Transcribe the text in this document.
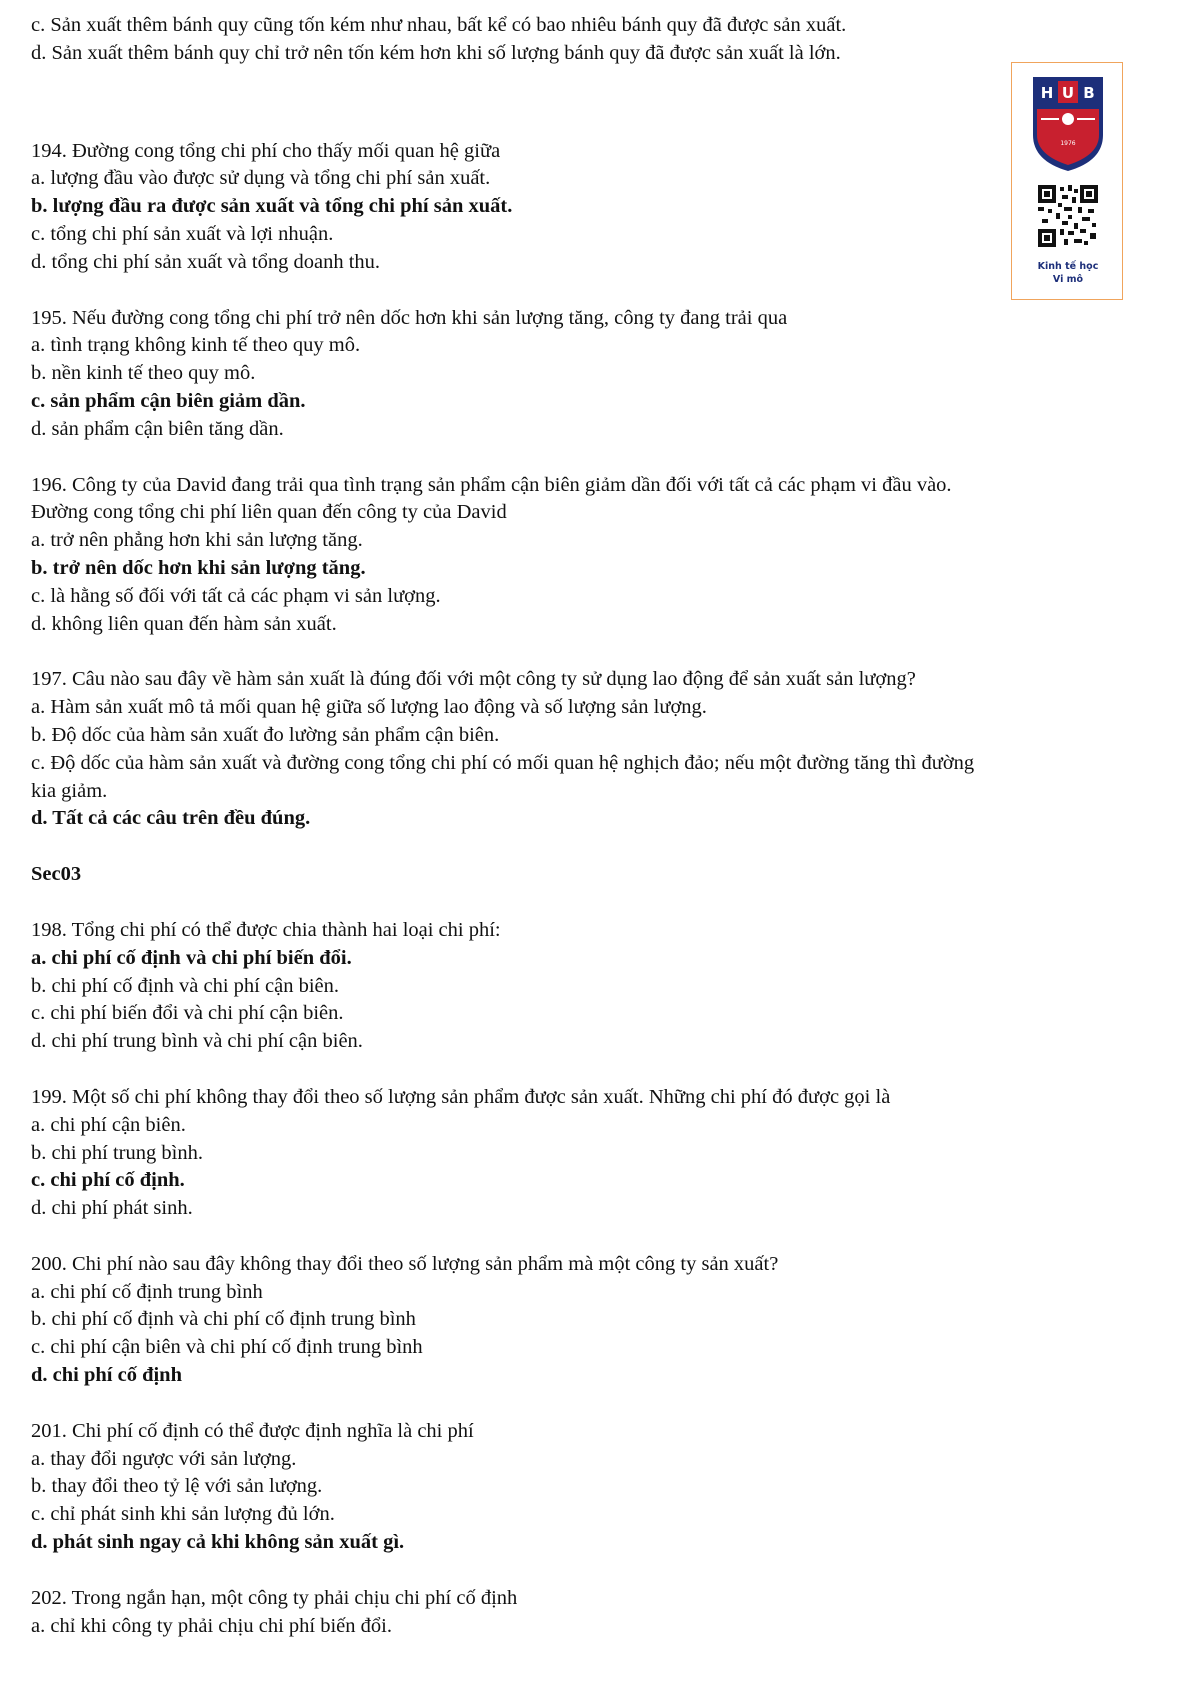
H U B
1976
Kinh tế học
Vi mô

c. Sản xuất thêm bánh quy cũng tốn kém như nhau, bất kể có bao nhiêu bánh quy đã được sản xuất.

d. Sản xuất thêm bánh quy chỉ trở nên tốn kém hơn khi số lượng bánh quy đã được sản xuất là lớn.

194. Đường cong tổng chi phí cho thấy mối quan hệ giữa

a. lượng đầu vào được sử dụng và tổng chi phí sản xuất.

b. lượng đầu ra được sản xuất và tổng chi phí sản xuất.

c. tổng chi phí sản xuất và lợi nhuận.

d. tổng chi phí sản xuất và tổng doanh thu.

195. Nếu đường cong tổng chi phí trở nên dốc hơn khi sản lượng tăng, công ty đang trải qua

a. tình trạng không kinh tế theo quy mô.

b. nền kinh tế theo quy mô.

c. sản phẩm cận biên giảm dần.

d. sản phẩm cận biên tăng dần.

196. Công ty của David đang trải qua tình trạng sản phẩm cận biên giảm dần đối với tất cả các phạm vi đầu vào.

Đường cong tổng chi phí liên quan đến công ty của David

a. trở nên phẳng hơn khi sản lượng tăng.

b. trở nên dốc hơn khi sản lượng tăng.

c. là hằng số đối với tất cả các phạm vi sản lượng.

d. không liên quan đến hàm sản xuất.

197. Câu nào sau đây về hàm sản xuất là đúng đối với một công ty sử dụng lao động để sản xuất sản lượng?

a. Hàm sản xuất mô tả mối quan hệ giữa số lượng lao động và số lượng sản lượng.

b. Độ dốc của hàm sản xuất đo lường sản phẩm cận biên.

c. Độ dốc của hàm sản xuất và đường cong tổng chi phí có mối quan hệ nghịch đảo; nếu một đường tăng thì đường

kia giảm.

d. Tất cả các câu trên đều đúng.

Sec03

198. Tổng chi phí có thể được chia thành hai loại chi phí:

a. chi phí cố định và chi phí biến đổi.

b. chi phí cố định và chi phí cận biên.

c. chi phí biến đổi và chi phí cận biên.

d. chi phí trung bình và chi phí cận biên.

199. Một số chi phí không thay đổi theo số lượng sản phẩm được sản xuất. Những chi phí đó được gọi là

a. chi phí cận biên.

b. chi phí trung bình.

c. chi phí cố định.

d. chi phí phát sinh.

200. Chi phí nào sau đây không thay đổi theo số lượng sản phẩm mà một công ty sản xuất?

a. chi phí cố định trung bình

b. chi phí cố định và chi phí cố định trung bình

c. chi phí cận biên và chi phí cố định trung bình

d. chi phí cố định

201. Chi phí cố định có thể được định nghĩa là chi phí

a. thay đổi ngược với sản lượng.

b. thay đổi theo tỷ lệ với sản lượng.

c. chỉ phát sinh khi sản lượng đủ lớn.

d. phát sinh ngay cả khi không sản xuất gì.

202. Trong ngắn hạn, một công ty phải chịu chi phí cố định

a. chỉ khi công ty phải chịu chi phí biến đổi.
